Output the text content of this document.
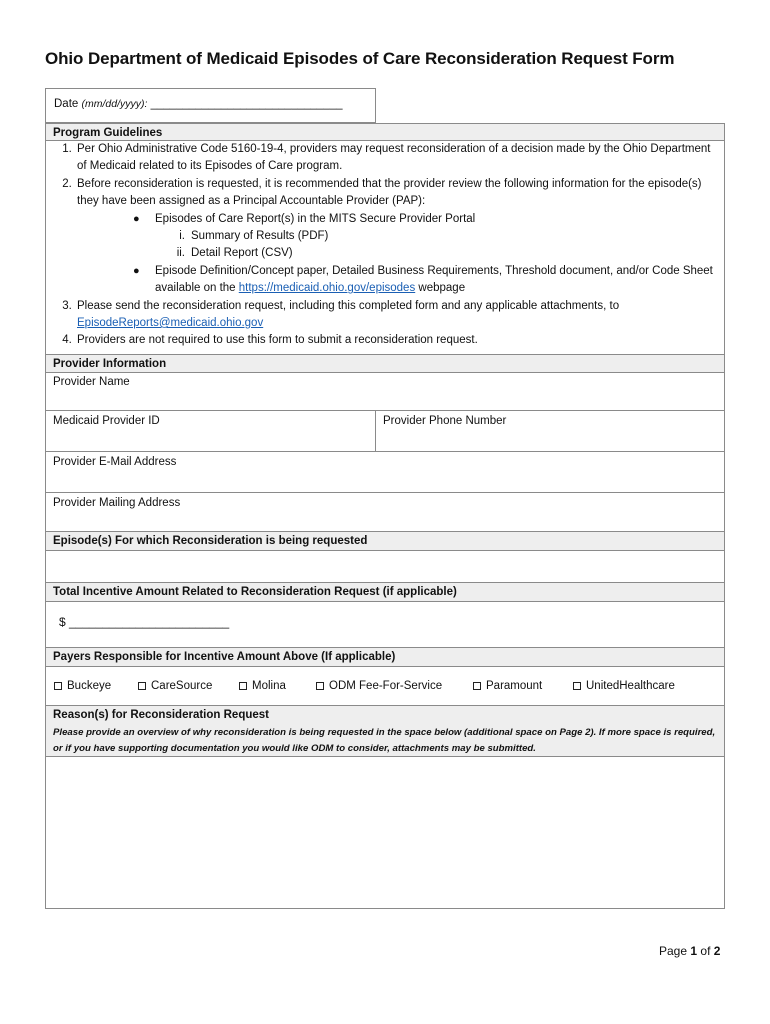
Ohio Department of Medicaid Episodes of Care Reconsideration Request Form
Date (mm/dd/yyyy): ______________________________
Program Guidelines
1. Per Ohio Administrative Code 5160-19-4, providers may request reconsideration of a decision made by the Ohio Department of Medicaid related to its Episodes of Care program.
2. Before reconsideration is requested, it is recommended that the provider review the following information for the episode(s) they have been assigned as a Principal Accountable Provider (PAP):
● Episodes of Care Report(s) in the MITS Secure Provider Portal
i. Summary of Results (PDF)
ii. Detail Report (CSV)
● Episode Definition/Concept paper, Detailed Business Requirements, Threshold document, and/or Code Sheet available on the https://medicaid.ohio.gov/episodes webpage
3. Please send the reconsideration request, including this completed form and any applicable attachments, to
EpisodeReports@medicaid.ohio.gov
4. Providers are not required to use this form to submit a reconsideration request.
Provider Information
Provider Name
Medicaid Provider ID	Provider Phone Number
Provider E-Mail Address
Provider Mailing Address
Episode(s) For which Reconsideration is being requested
Total Incentive Amount Related to Reconsideration Request (if applicable)
$ ________________________
Payers Responsible for Incentive Amount Above (If applicable)
Buckeye	CareSource	Molina	ODM Fee-For-Service	Paramount	UnitedHealthcare
Reason(s) for Reconsideration Request
Please provide an overview of why reconsideration is being requested in the space below (additional space on Page 2). If more space is required, or if you have supporting documentation you would like ODM to consider, attachments may be submitted.
Page 1 of 2
